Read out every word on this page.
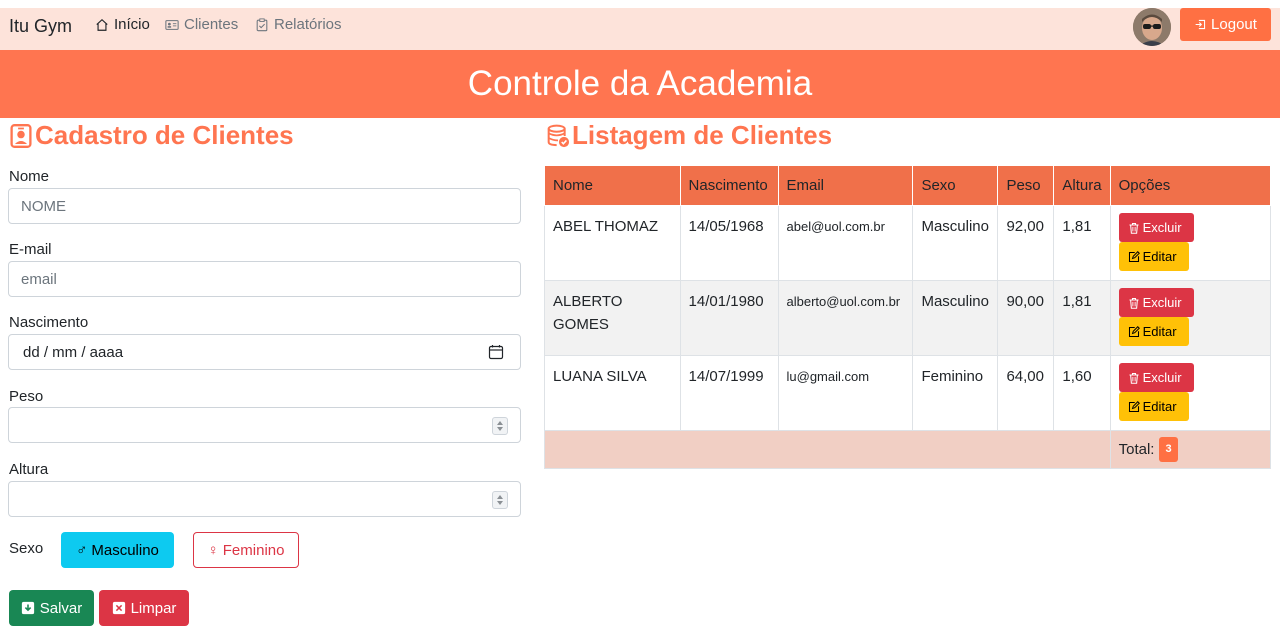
Itu Gym	Início Clientes Relatórios	Logout
Controle da Academia
Cadastro de Clientes
Nome
NOME
E-mail
email
Nascimento
dd / mm / aaaa
Peso
Altura
Sexo ♂ Masculino	♀ Feminino
Salvar	Limpar
Listagem de Clientes
Nome	Nascimento	Email	Sexo	Peso	Altura	Opções
ABEL THOMAZ	14/05/1968	abel@uol.com.br	Masculino	92,00	1,81	Excluir
Editar

ALBERTO GOMES	14/01/1980	alberto@uol.com.br	Masculino	90,00	1,81	Excluir
Editar

LUANA SILVA	14/07/1999	lu@gmail.com	Feminino	64,00	1,60	Excluir
Editar

						Total: 3
